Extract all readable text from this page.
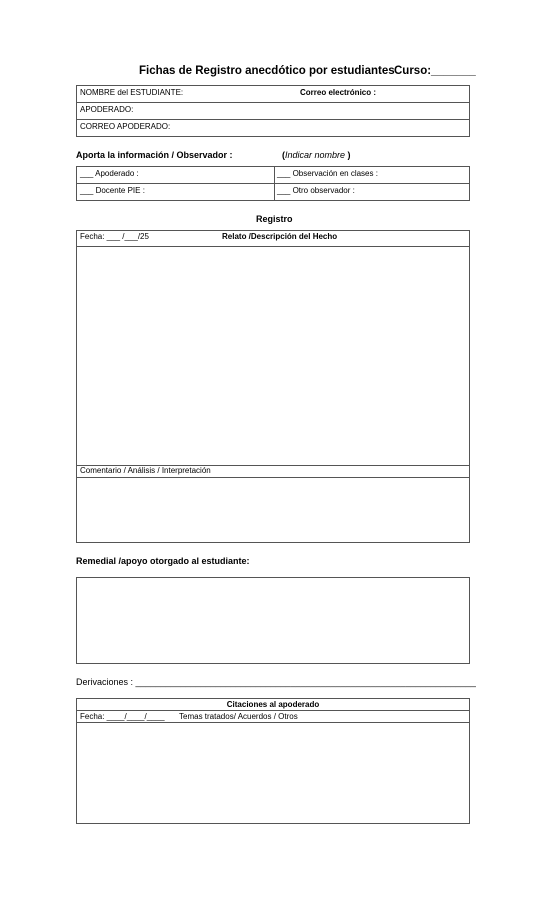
Fichas de Registro anecdótico por estudiantes Curso:_______
NOMBRE del ESTUDIANTE:	Correo electrónico :
APODERADO:
CORREO APODERADO:
Aporta la información / Observador :	(Indicar nombre )
___ Apoderado :	___ Observación en clases :
___ Docente PIE :	___ Otro observador :
Registro
Fecha: ___ /___/25	Relato /Descripción del Hecho
Comentario / Análisis / Interpretación
Remedial /apoyo otorgado al estudiante:
Derivaciones : ____________________________________________________________________
Citaciones al apoderado
Fecha: ____/____/____ Temas tratados/ Acuerdos / Otros
